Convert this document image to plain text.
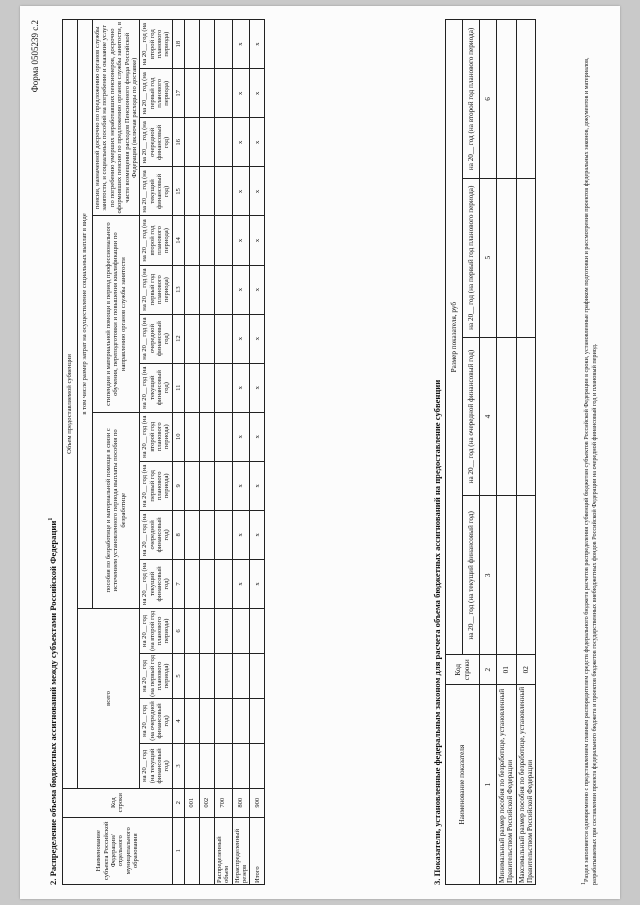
Форма 0505239 с.2
2. Распределение объема бюджетных ассигнований между субъектами Российской Федерации$^1$
Наименование субъекта Российской Федерации/ отдельного муниципального образования	Код строки	Объем предоставляемой субвенции															
		всего				в том числе размер затрат на осуществление социальных выплат в виде											
						пособия по безработице и материальной помощи в связи с истечением установленного периода выплаты пособия по безработице				стипендии и материальной помощи в период профессионального обучения, переподготовки и повышения квалификации по направлению органов службы занятости				пенсии, назначенной досрочно по предложению органов службы занятости, и социальных пособий на погребение и оказание услуг по погребению умерших неработавших пенсионеров, досрочно оформивших пенсию по предложению органов службы занятости, в части возмещения расходов Пенсионного фонда Российской Федерации (включая расходы по доставке)			
		на 20__ год (на текущий финансовый год)	на 20__ год (на очередной финансовый год)	на 20__ год (на первый год планового периода)	на 20__ год (на второй год планового периода)	на 20__ год (на текущий финансовый год)	на 20__ год (на очередной финансовый год)	на 20__ год (на первый год планового периода)	на 20__ год (на второй год планового периода)	на 20__ год (на текущий финансовый год)	на 20__ год (на очередной финансовый год)	на 20__ год (на первый год планового периода)	на 20__ год (на второй год планового периода)	на 20__ год (на текущий финансовый год)	на 20__ год (на очередной финансовый год)	на 20__ год (на первый год планового периода)	на 20__ год (на второй год планового периода)
1	2	3	4	5	6	7	8	9	10	11	12	13	14	15	16	17	18
	001																
	002																
Распределенный объем	700																
Нераспределенный резерв	800					x	x	x	x	x	x	x	x	x	x	x	x
Итого	900					x	x	x	x	x	x	x	x	x	x	x	x
3. Показатели, установленные федеральным законом для расчета объема бюджетных ассигнований на предоставление субвенции Наименование показателя	Код строки	Размер показателя, руб			
		на 20__ год (на текущий финансовый год)	на 20__ год (на очередной финансовый год)	на 20__ год (на первый год планового периода)	на 20__ год (на второй год планового периода)
1	2	3	4	5	6
Минимальный размер пособия по безработице, установленный Правительством Российской Федерации	01				
Максимальный размер пособия по безработице, установленный Правительством Российской Федерации	02				
$^1$Раздел заполняется одновременно с представлением главным распорядителем средств федерального бюджета расчетов распределения субвенций бюджетам субъектов Российской Федерации в сроки, установленные графиком подготовки и рассмотрения проектов федеральных законов, документов и материалов, разрабатываемых при составлении проекта федерального бюджета и проектов бюджетов государственных внебюджетных фондов Российской Федерации на очередной финансовый год и плановый период.
